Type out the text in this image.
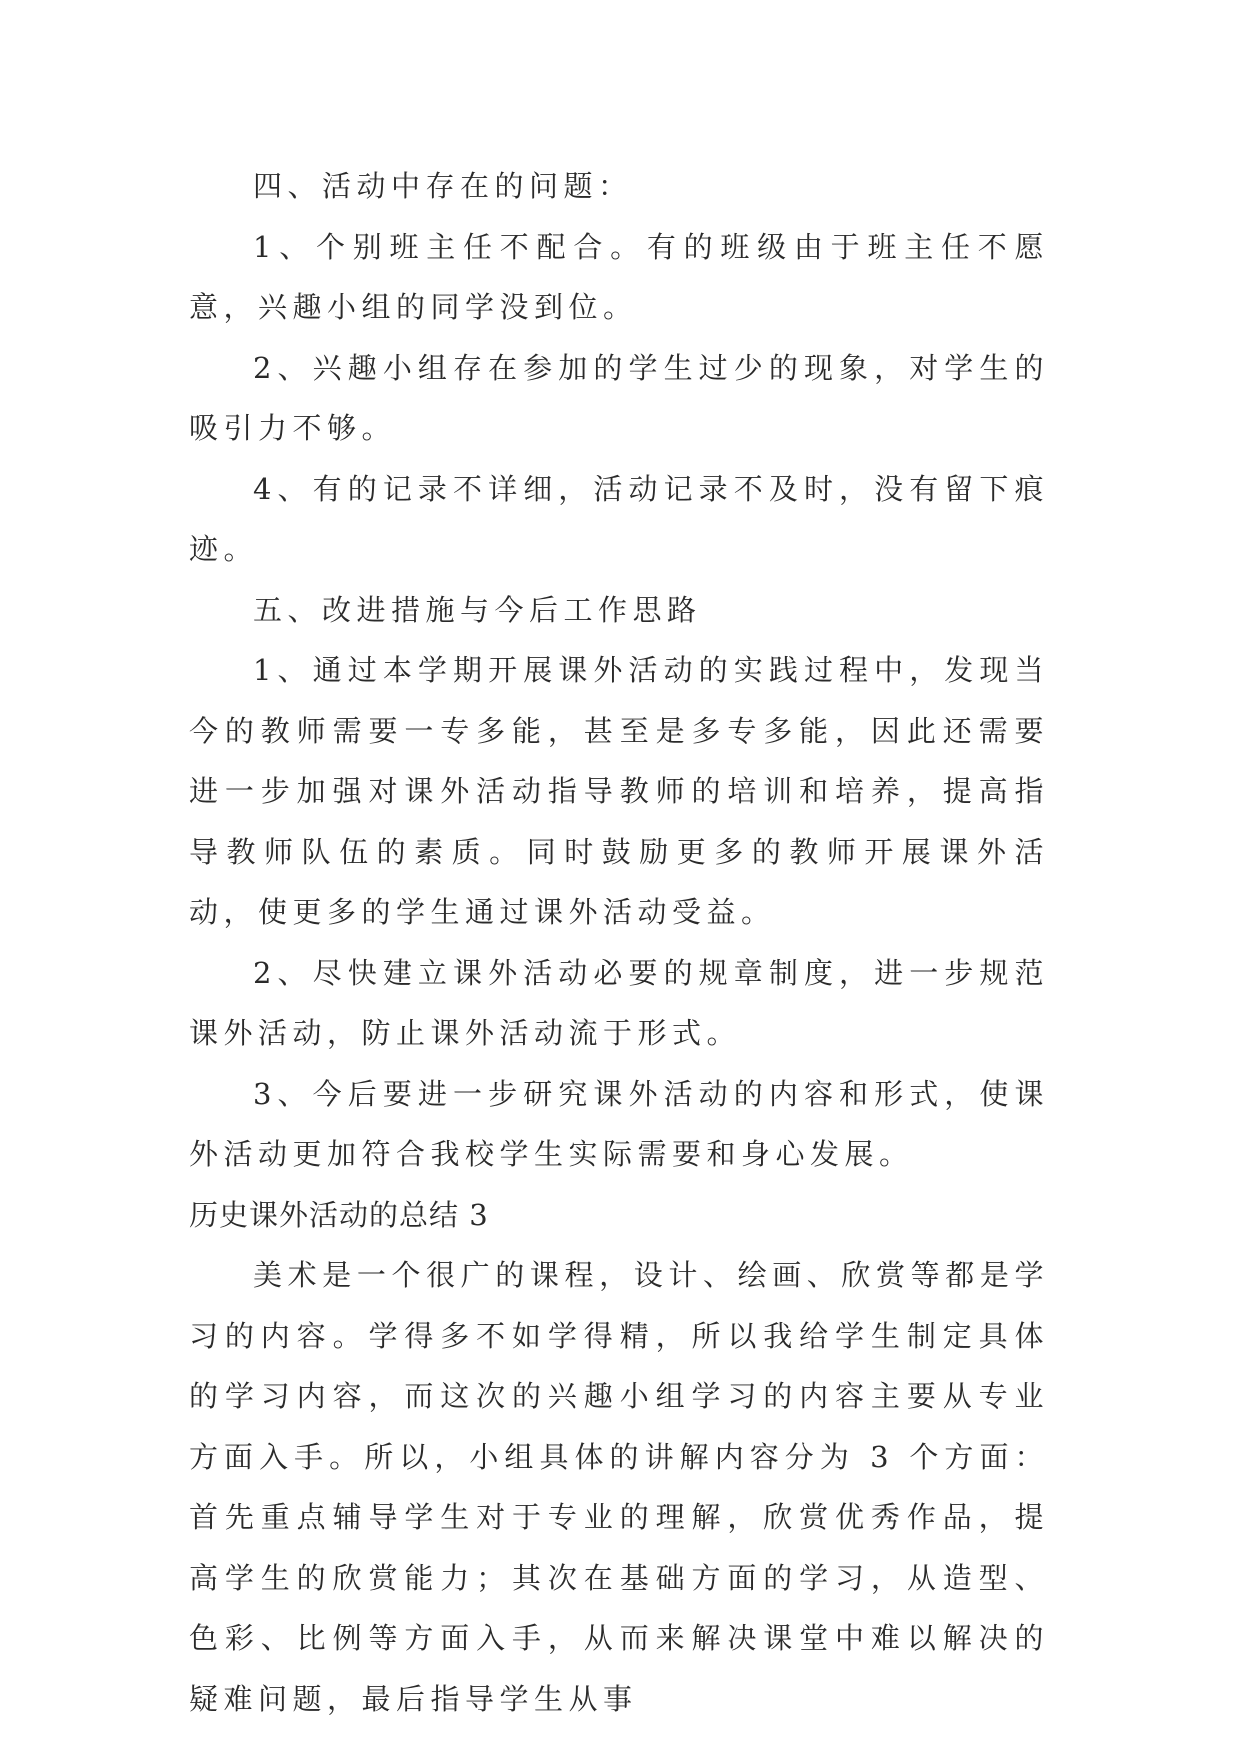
四、活动中存在的问题：

1、个别班主任不配合。有的班级由于班主任不愿意，兴趣小组的同学没到位。

2、兴趣小组存在参加的学生过少的现象，对学生的吸引力不够。

4、有的记录不详细，活动记录不及时，没有留下痕迹。

五、改进措施与今后工作思路

1、通过本学期开展课外活动的实践过程中，发现当今的教师需要一专多能，甚至是多专多能，因此还需要进一步加强对课外活动指导教师的培训和培养，提高指导教师队伍的素质。同时鼓励更多的教师开展课外活动，使更多的学生通过课外活动受益。

2、尽快建立课外活动必要的规章制度，进一步规范课外活动，防止课外活动流于形式。

3、今后要进一步研究课外活动的内容和形式，使课外活动更加符合我校学生实际需要和身心发展。

历史课外活动的总结 3

美术是一个很广的课程，设计、绘画、欣赏等都是学习的内容。学得多不如学得精，所以我给学生制定具体的学习内容，而这次的兴趣小组学习的内容主要从专业方面入手。所以，小组具体的讲解内容分为 3 个方面：首先重点辅导学生对于专业的理解，欣赏优秀作品，提高学生的欣赏能力；其次在基础方面的学习，从造型、色彩、比例等方面入手，从而来解决课堂中难以解决的疑难问题，最后指导学生从事
